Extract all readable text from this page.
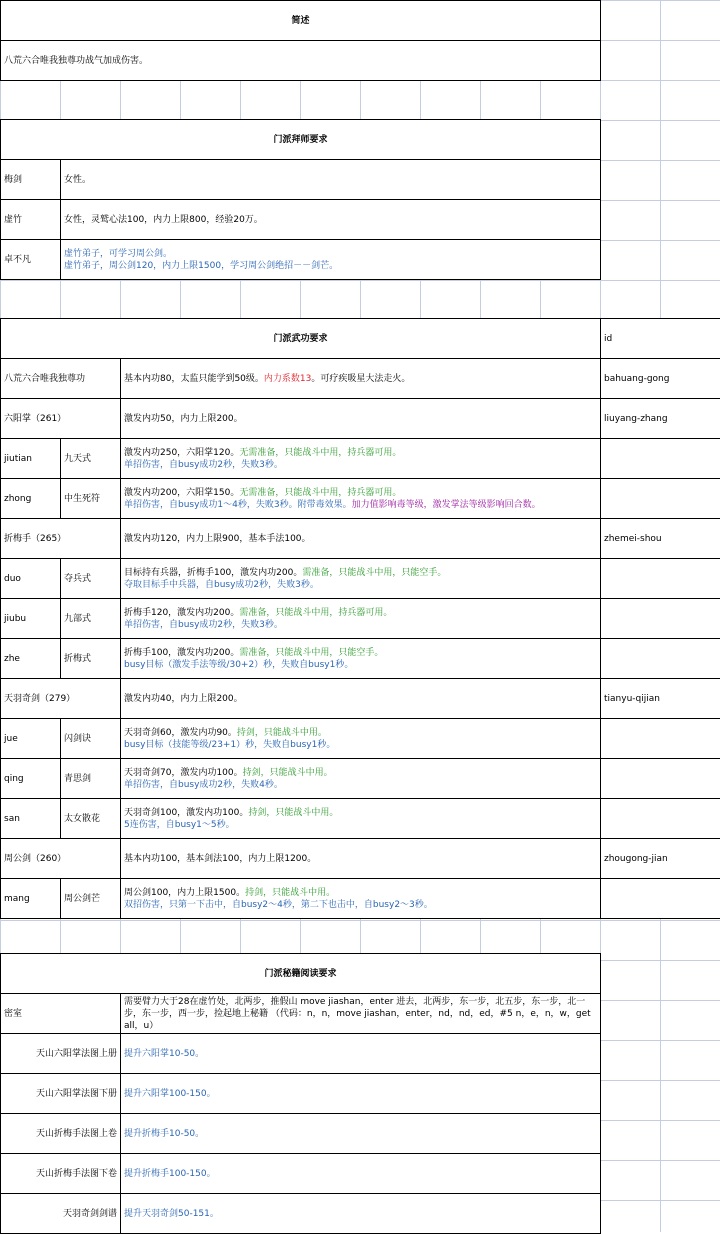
简述
八荒六合唯我独尊功战气加成伤害。
门派拜师要求
梅剑	女性。
虚竹	女性，灵鹫心法100，内力上限800，经验20万。
卓不凡
虚竹弟子，可学习周公剑。
虚竹弟子，周公剑120，内力上限1500，学习周公剑绝招－－剑芒。
门派武功要求	id
八荒六合唯我独尊功	基本内功80，太监只能学到50级。内力系数13。可疗疾吸星大法走火。	bahuang-gong
六阳掌（261）	激发内功50，内力上限200。	liuyang-zhang
jiutian	九天式
激发内功250，六阳掌120。无需准备，只能战斗中用，持兵器可用。
单招伤害，自busy成功2秒，失败3秒。
zhong	中生死符
激发内功200，六阳掌150。无需准备，只能战斗中用，持兵器可用。
单招伤害，自busy成功1～4秒，失败3秒。附带毒效果。加力值影响毒等级，激发掌法等级影响回合数。
折梅手（265）	激发内功120，内力上限900，基本手法100。	zhemei-shou
duo	夺兵式
目标持有兵器，折梅手100，激发内功200。需准备，只能战斗中用，只能空手。
夺取目标手中兵器，自busy成功2秒，失败3秒。
jiubu	九部式
折梅手120，激发内功200。需准备，只能战斗中用，持兵器可用。
单招伤害，自busy成功2秒，失败3秒。
zhe	折梅式
折梅手100，激发内功200。需准备，只能战斗中用，只能空手。
busy目标（激发手法等级/30+2）秒，失败自busy1秒。
天羽奇剑（279）	激发内功40，内力上限200。	tianyu-qijian
jue	闪剑诀
天羽奇剑60，激发内功90。持剑，只能战斗中用。
busy目标（技能等级/23+1）秒，失败自busy1秒。
qing	青思剑
天羽奇剑70，激发内功100。持剑，只能战斗中用。
单招伤害，自busy成功2秒，失败4秒。
san	太女散花
天羽奇剑100，激发内功100。持剑，只能战斗中用。
5连伤害，自busy1～5秒。
周公剑（260）	基本内功100，基本剑法100，内力上限1200。	zhougong-jian
mang	周公剑芒
周公剑100，内力上限1500。持剑，只能战斗中用。
双招伤害，只第一下击中，自busy2～4秒，第二下也击中，自busy2～3秒。
门派秘籍阅读要求
密室
需要臂力大于28在虚竹处，北两步，推假山 move jiashan，enter 进去，北两步，东一步，北五步，东一步，北一步，东一步，西一步，捡起地上秘籍 （代码：n，n，move jiashan，enter，nd，nd，ed，#5 n，e，n，w，get all，u）
天山六阳掌法图上册 提升六阳掌10-50。
天山六阳掌法图下册 提升六阳掌100-150。
天山折梅手法图上卷 提升折梅手10-50。
天山折梅手法图下卷 提升折梅手100-150。
天羽奇剑剑谱 提升天羽奇剑50-151。
